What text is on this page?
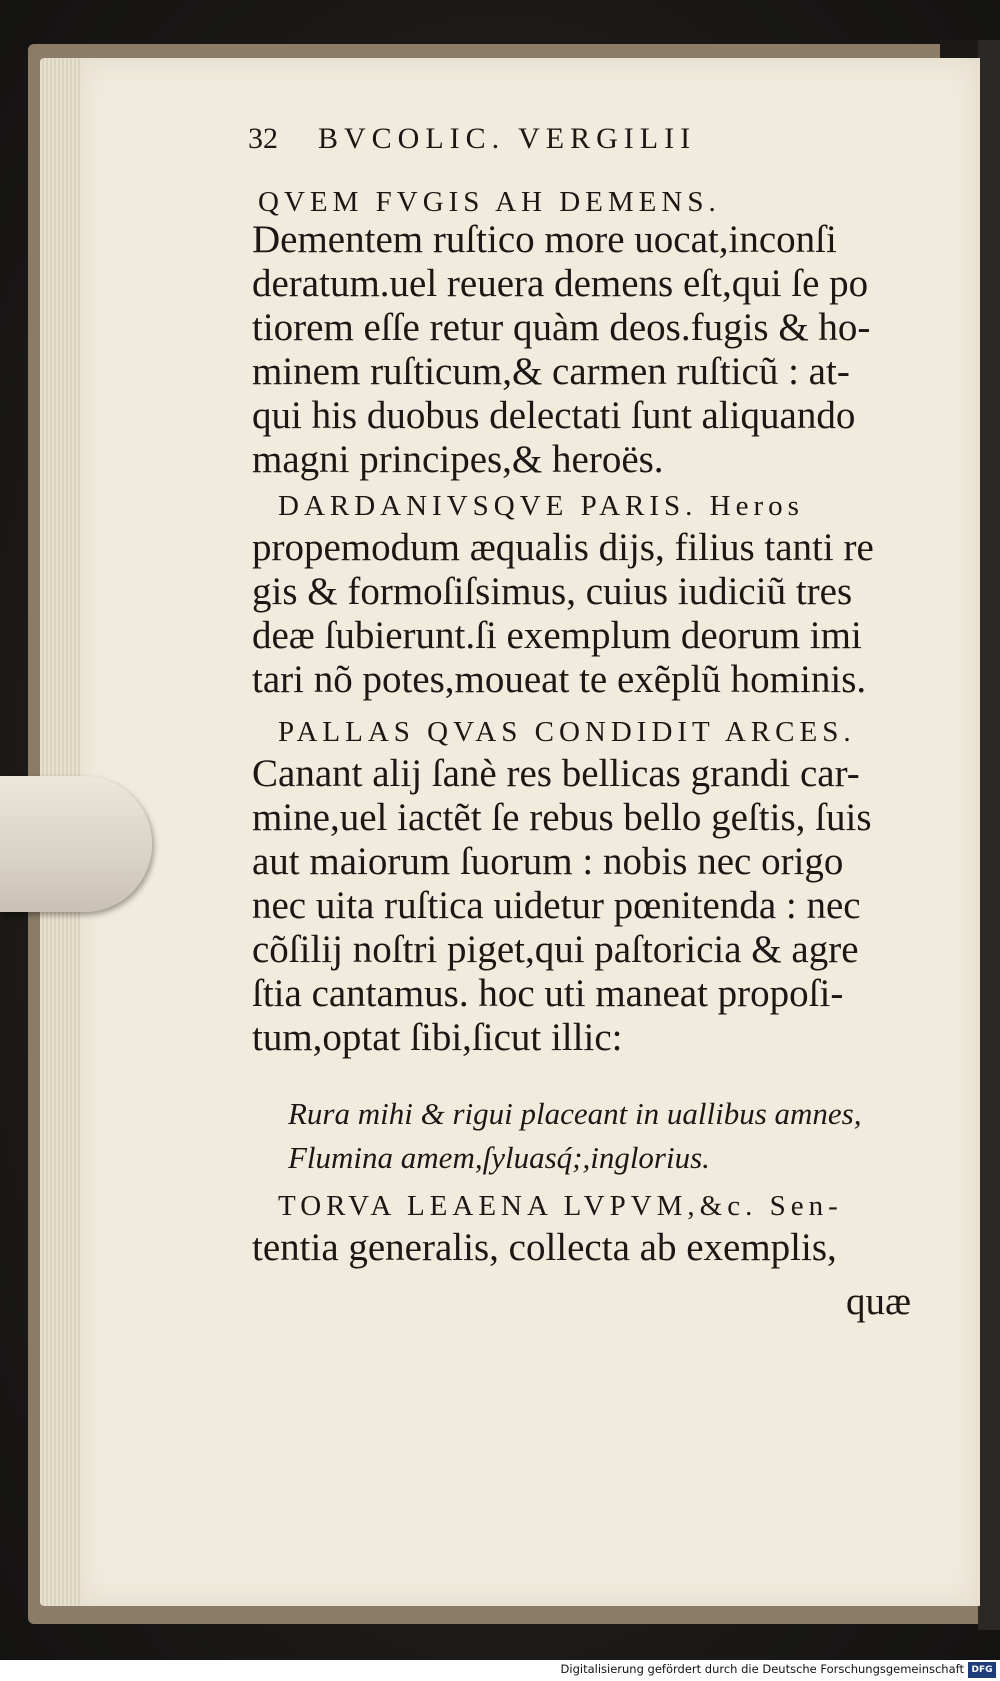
32 BVCOLIC. VERGILII
QVEM FVGIS AH DEMENS.
Dementem ruſtico more uocat,inconſi
deratum.uel reuera demens eſt,qui ſe po
tiorem eſſe retur quàm deos.fugis & ho-
minem ruſticum,& carmen ruſticũ : at-
qui his duobus delectati ſunt aliquando
magni principes,& heroës.
DARDANIVSQVE PARIS. Heros
propemodum æqualis dijs, filius tanti re
gis & formoſiſsimus, cuius iudiciũ tres
deæ ſubierunt.ſi exemplum deorum imi
tari nõ potes,moueat te exẽplũ hominis.
PALLAS QVAS CONDIDIT ARCES.
Canant alij ſanè res bellicas grandi car-
mine,uel iactẽt ſe rebus bello geſtis, ſuis
aut maiorum ſuorum : nobis nec origo
nec uita ruſtica uidetur pœnitenda : nec
cõſilij noſtri piget,qui paſtoricia & agre
ſtia cantamus. hoc uti maneat propoſi-
tum,optat ſibi,ſicut illic:
Rura mihi & rigui placeant in uallibus amnes,
Flumina amem,ſyluasq́;,inglorius.
TORVA LEAENA LVPVM,&c. Sen-
tentia generalis, collecta ab exemplis,
quæ
Digitalisierung gefördert durch die Deutsche Forschungsgemeinschaft DFG
